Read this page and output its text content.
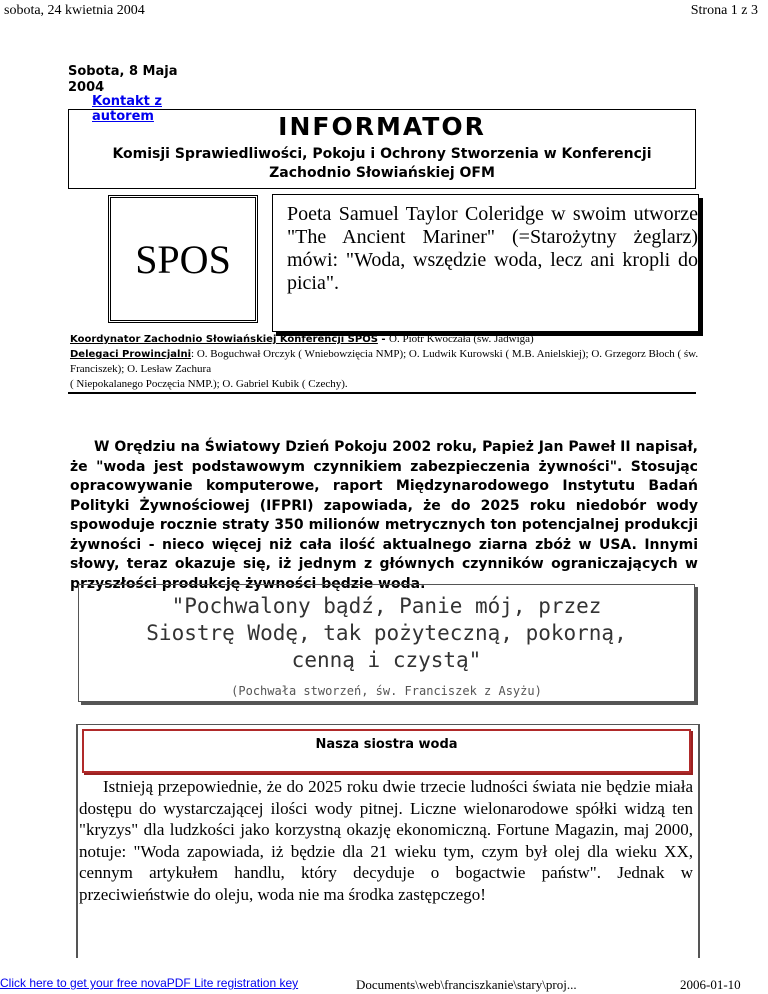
sobota, 24 kwietnia 2004	Strona 1 z 3
Sobota, 8 Maja
2004
Kontakt z autorem	INFORMATOR
Komisji Sprawiedliwości, Pokoju i Ochrony Stworzenia w Konferencji
Zachodnio Słowiańskiej OFM
SPOS
Poeta Samuel Taylor Coleridge w swoim utworze "The Ancient Mariner" (=Starożytny żeglarz) mówi: "Woda, wszędzie woda, lecz ani kropli do picia".
Koordynator Zachodnio Słowiańskiej Konferencji SPOS - O. Piotr Kwoczała (św. Jadwiga)
Delegaci Prowincjalni: O. Boguchwał Orczyk ( Wniebowzięcia NMP); O. Ludwik Kurowski ( M.B. Anielskiej); O. Grzegorz Błoch ( św. Franciszek); O. Lesław Zachura
( Niepokalanego Poczęcia NMP.); O. Gabriel Kubik ( Czechy).
W Orędziu na Światowy Dzień Pokoju 2002 roku, Papież Jan Paweł II napisał, że "woda jest podstawowym czynnikiem zabezpieczenia żywności". Stosując opracowywanie komputerowe, raport Międzynarodowego Instytutu Badań Polityki Żywnościowej (IFPRI) zapowiada, że do 2025 roku niedobór wody spowoduje rocznie straty 350 milionów metrycznych ton potencjalnej produkcji żywności - nieco więcej niż cała ilość aktualnego ziarna zbóż w USA. Innymi słowy, teraz okazuje się, iż jednym z głównych czynników ograniczających w przyszłości produkcję żywności będzie woda.
"Pochwalony bądź, Panie mój, przez
Siostrę Wodę, tak pożyteczną, pokorną,
cenną i czystą"
(Pochwała stworzeń, św. Franciszek z Asyżu)
Nasza siostra woda
Istnieją przepowiednie, że do 2025 roku dwie trzecie ludności świata nie będzie miała dostępu do wystarczającej ilości wody pitnej. Liczne wielonarodowe spółki widzą ten "kryzys" dla ludzkości jako korzystną okazję ekonomiczną. Fortune Magazin, maj 2000, notuje: "Woda zapowiada, iż będzie dla 21 wieku tym, czym był olej dla wieku XX, cennym artykułem handlu, który decyduje o bogactwie państw". Jednak w przeciwieństwie do oleju, woda nie ma środka zastępczego!
Documents\web\franciszkanie\stary\proj...
Click here to get your free novaPDF Lite registration key	2006-01-10
